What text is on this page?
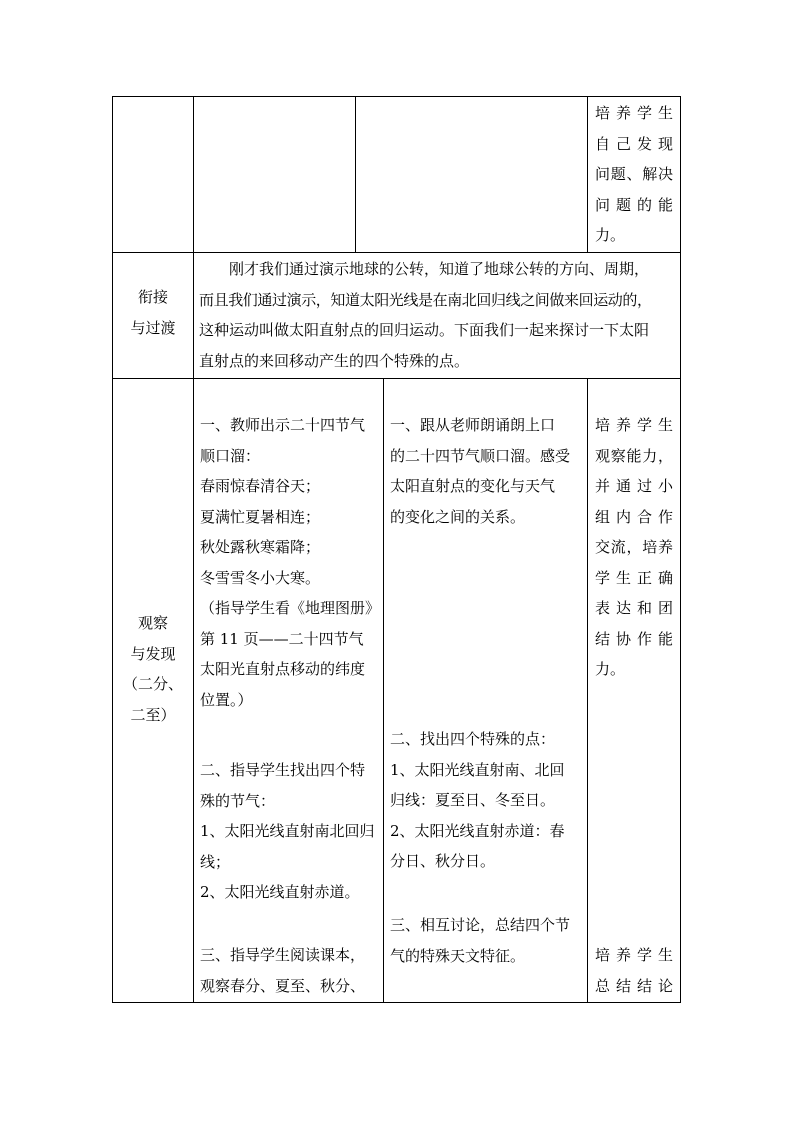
培养学生
自己发现
问题、解决
问题的能
力。
衔接
与过渡
刚才我们通过演示地球的公转，知道了地球公转的方向、周期，
而且我们通过演示，知道太阳光线是在南北回归线之间做来回运动的，
这种运动叫做太阳直射点的回归运动。下面我们一起来探讨一下太阳
直射点的来回移动产生的四个特殊的点。
观察
与发现
（二分、
二至）
一、教师出示二十四节气
顺口溜：
春雨惊春清谷天；
夏满忙夏暑相连；
秋处露秋寒霜降；
冬雪雪冬小大寒。
（指导学生看《地理图册》
第 11 页——二十四节气
太阳光直射点移动的纬度
位置。）
二、指导学生找出四个特
殊的节气：
1、太阳光线直射南北回归
线；
2、太阳光线直射赤道。
三、指导学生阅读课本，
观察春分、夏至、秋分、
一、跟从老师朗诵朗上口
的二十四节气顺口溜。感受
太阳直射点的变化与天气
的变化之间的关系。
二、找出四个特殊的点：
1、太阳光线直射南、北回
归线：夏至日、冬至日。
2、太阳光线直射赤道：春
分日、秋分日。
三、相互讨论，总结四个节
气的特殊天文特征。
培养学生
观察能力，
并通过小
组内合作
交流，培养
学生正确
表达和团
结协作能
力。
培养学生
总结结论
